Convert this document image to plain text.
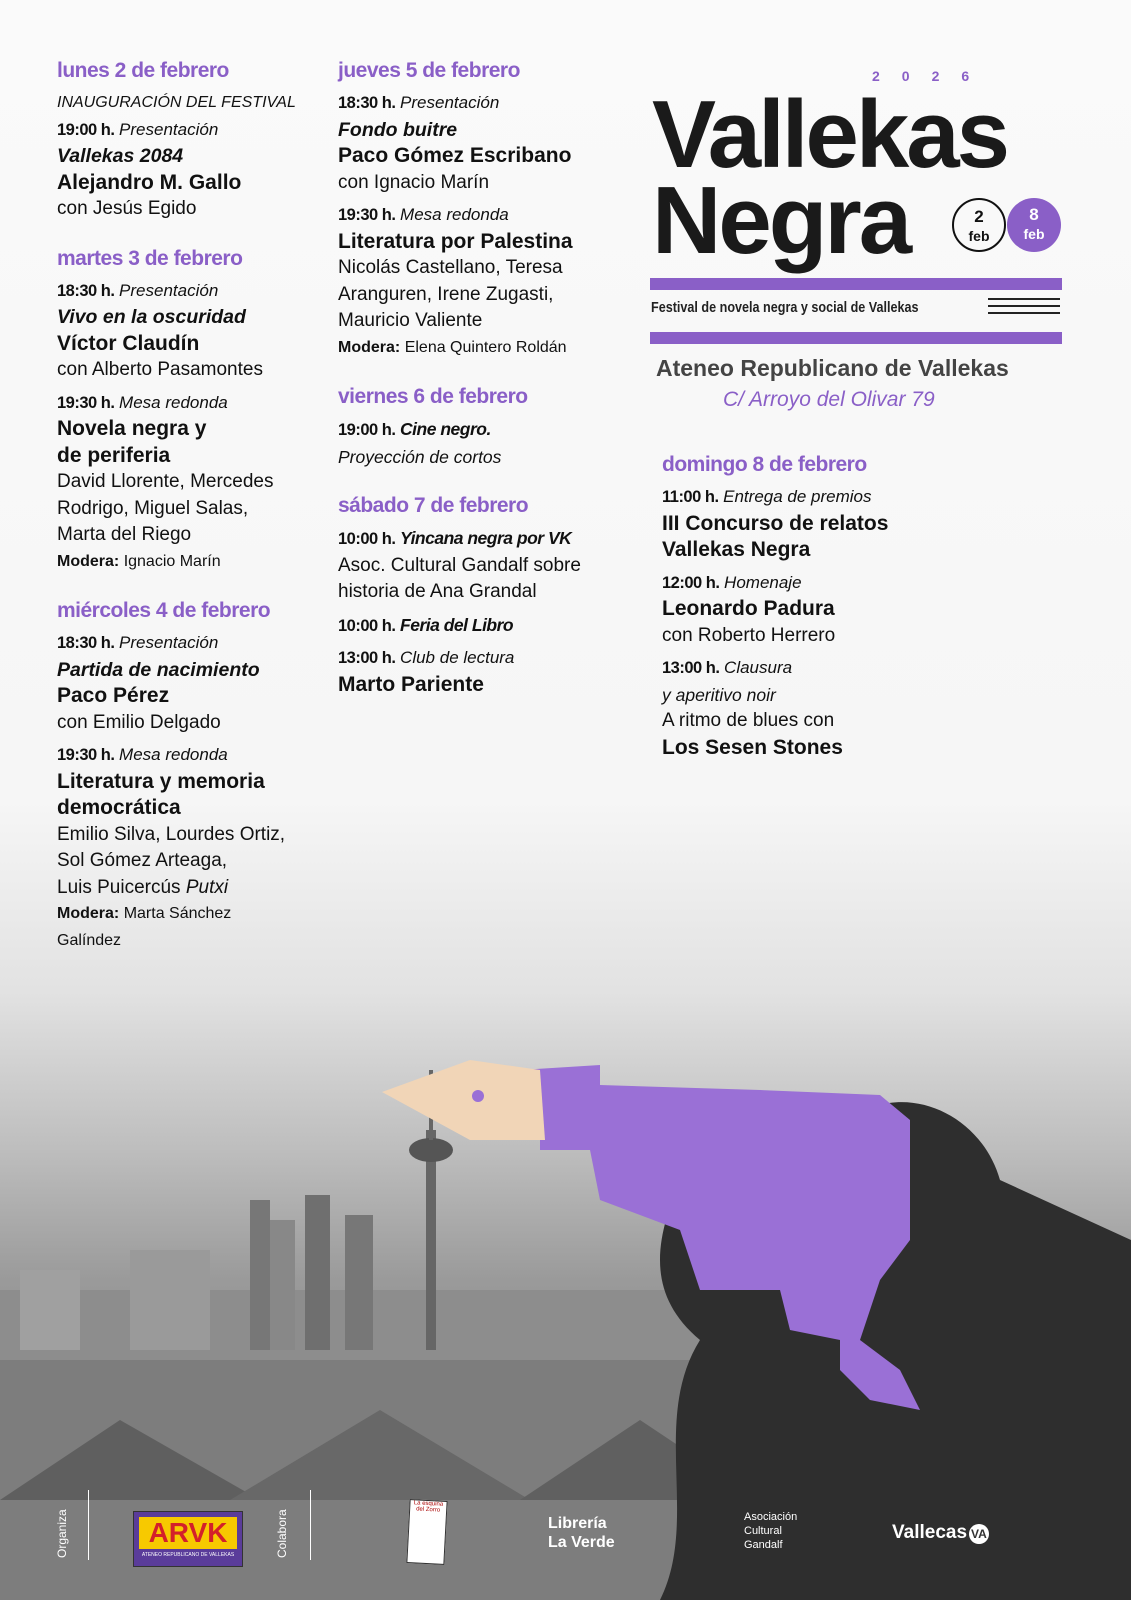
lunes 2 de febrero
INAUGURACIÓN DEL FESTIVAL
19:00 h. Presentación
Vallekas 2084
Alejandro M. Gallo
con Jesús Egido
martes 3 de febrero
18:30 h. Presentación
Vivo en la oscuridad
Víctor Claudín
con Alberto Pasamontes
19:30 h. Mesa redonda
Novela negra y
de periferia
David Llorente, Mercedes
Rodrigo, Miguel Salas,
Marta del Riego
Modera: Ignacio Marín
miércoles 4 de febrero
18:30 h. Presentación
Partida de nacimiento
Paco Pérez
con Emilio Delgado
19:30 h. Mesa redonda
Literatura y memoria
democrática
Emilio Silva, Lourdes Ortiz,
Sol Gómez Arteaga,
Luis Puicercús Putxi
Modera: Marta Sánchez
Galíndez
jueves 5 de febrero
18:30 h. Presentación
Fondo buitre
Paco Gómez Escribano
con Ignacio Marín
19:30 h. Mesa redonda
Literatura por Palestina
Nicolás Castellano, Teresa
Aranguren, Irene Zugasti,
Mauricio Valiente
Modera: Elena Quintero Roldán
viernes 6 de febrero
19:00 h. Cine negro.
Proyección de cortos
sábado 7 de febrero
10:00 h. Yincana negra por VK
Asoc. Cultural Gandalf sobre
historia de Ana Grandal
10:00 h. Feria del Libro
13:00 h. Club de lectura
Marto Pariente
domingo 8 de febrero
11:00 h. Entrega de premios
III Concurso de relatos
Vallekas Negra
12:00 h. Homenaje
Leonardo Padura
con Roberto Herrero
13:00 h. Clausura
y aperitivo noir
A ritmo de blues con
Los Sesen Stones
Vallekas
Negra
2026
2
feb
8
feb
Festival de novela negra y social de Vallekas
Ateneo Republicano de Vallekas
C/ Arroyo del Olivar 79
Organiza	ARVK
ATENEO REPUBLICANO DE VALLEKAS	Colabora
La esquina del Zorro
Librería
La Verde
Asociación
Cultural
Gandalf
Vallecas VA
